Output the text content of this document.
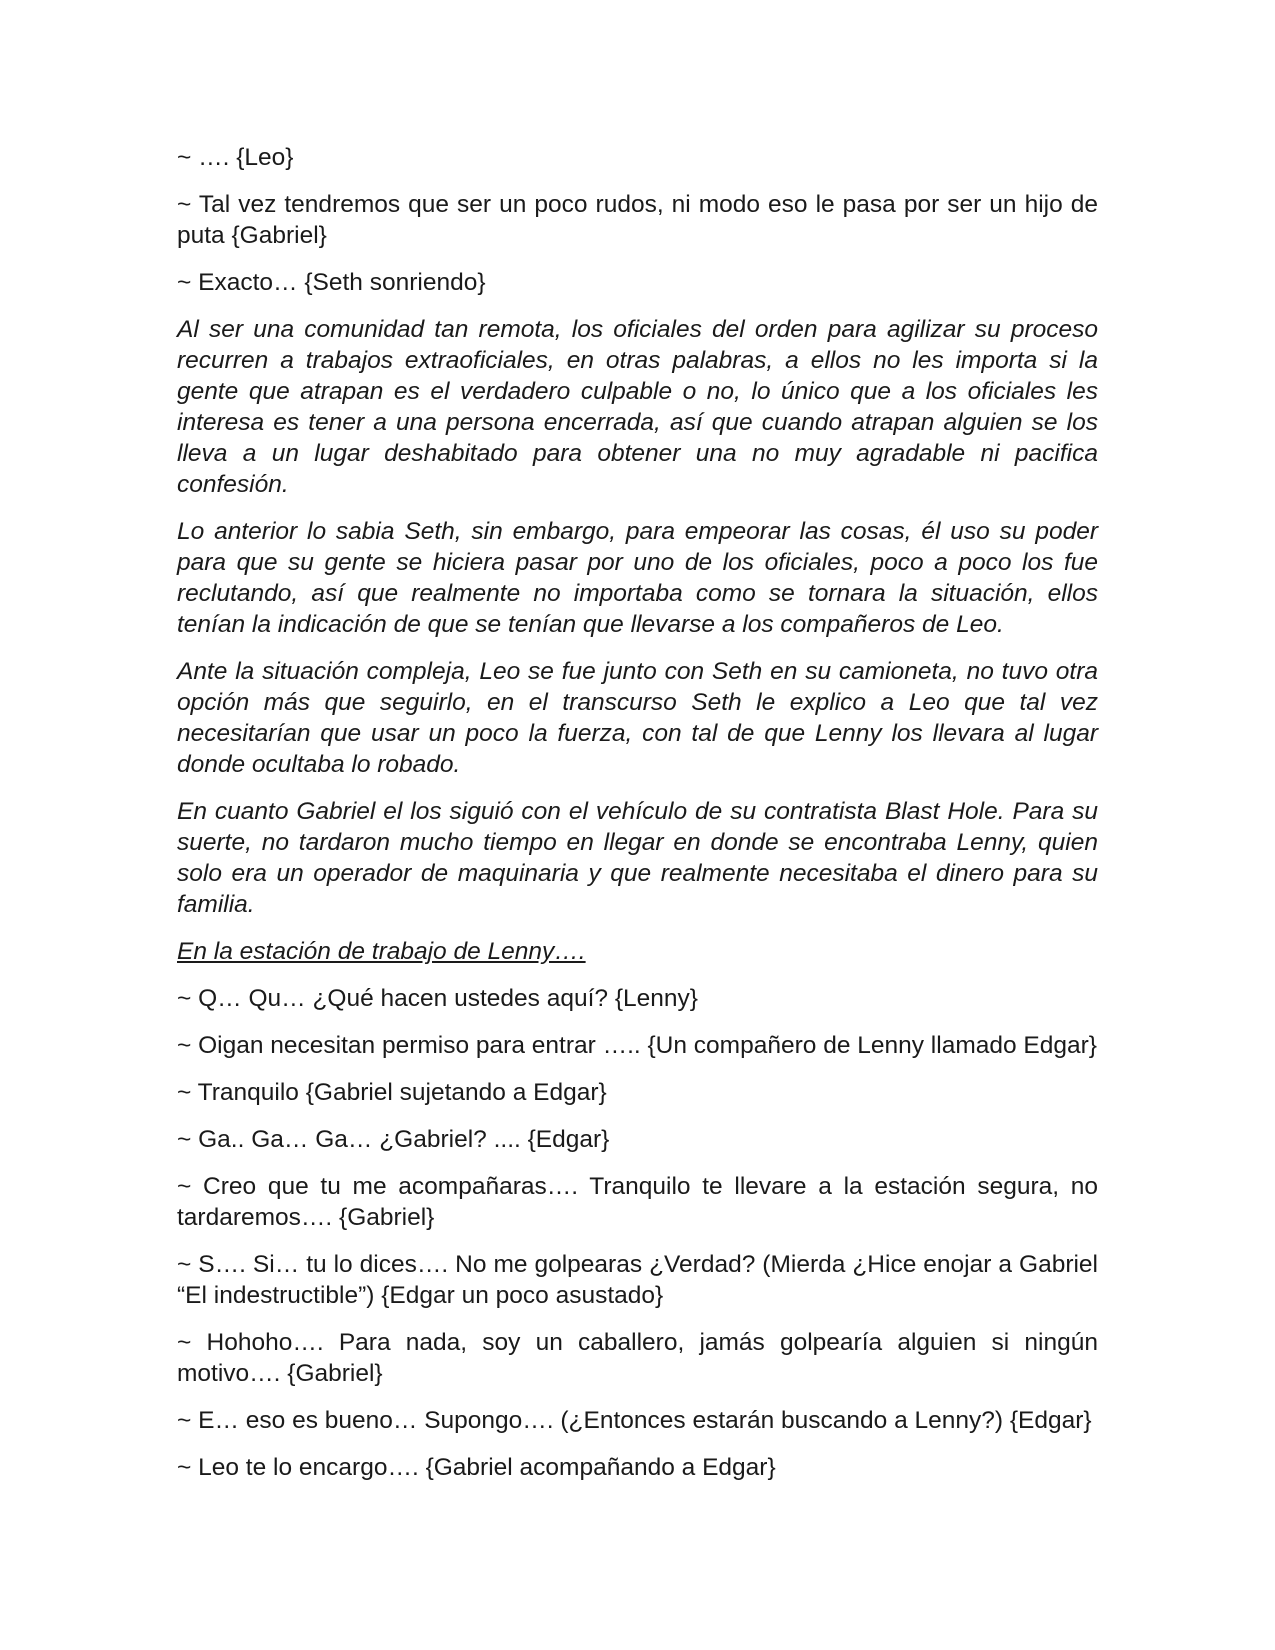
~ …. {Leo}

~ Tal vez tendremos que ser un poco rudos, ni modo eso le pasa por ser un hijo de puta {Gabriel}

~ Exacto… {Seth sonriendo}

Al ser una comunidad tan remota, los oficiales del orden para agilizar su proceso recurren a trabajos extraoficiales, en otras palabras, a ellos no les importa si la gente que atrapan es el verdadero culpable o no, lo único que a los oficiales les interesa es tener a una persona encerrada, así que cuando atrapan alguien se los lleva a un lugar deshabitado para obtener una no muy agradable ni pacifica confesión.

Lo anterior lo sabia Seth, sin embargo, para empeorar las cosas, él uso su poder para que su gente se hiciera pasar por uno de los oficiales, poco a poco los fue reclutando, así que realmente no importaba como se tornara la situación, ellos tenían la indicación de que se tenían que llevarse a los compañeros de Leo.

Ante la situación compleja, Leo se fue junto con Seth en su camioneta, no tuvo otra opción más que seguirlo, en el transcurso Seth le explico a Leo que tal vez necesitarían que usar un poco la fuerza, con tal de que Lenny los llevara al lugar donde ocultaba lo robado.

En cuanto Gabriel el los siguió con el vehículo de su contratista Blast Hole. Para su suerte, no tardaron mucho tiempo en llegar en donde se encontraba Lenny, quien solo era un operador de maquinaria y que realmente necesitaba el dinero para su familia.

En la estación de trabajo de Lenny….

~ Q… Qu… ¿Qué hacen ustedes aquí? {Lenny}

~ Oigan necesitan permiso para entrar ….. {Un compañero de Lenny llamado Edgar}

~ Tranquilo {Gabriel sujetando a Edgar}

~ Ga.. Ga… Ga… ¿Gabriel? .... {Edgar}

~ Creo que tu me acompañaras…. Tranquilo te llevare a la estación segura, no tardaremos…. {Gabriel}

~ S…. Si… tu lo dices…. No me golpearas ¿Verdad? (Mierda ¿Hice enojar a Gabriel “El indestructible”) {Edgar un poco asustado}

~ Hohoho…. Para nada, soy un caballero, jamás golpearía alguien si ningún motivo…. {Gabriel}

~ E… eso es bueno… Supongo…. (¿Entonces estarán buscando a Lenny?) {Edgar}

~ Leo te lo encargo…. {Gabriel acompañando a Edgar}
